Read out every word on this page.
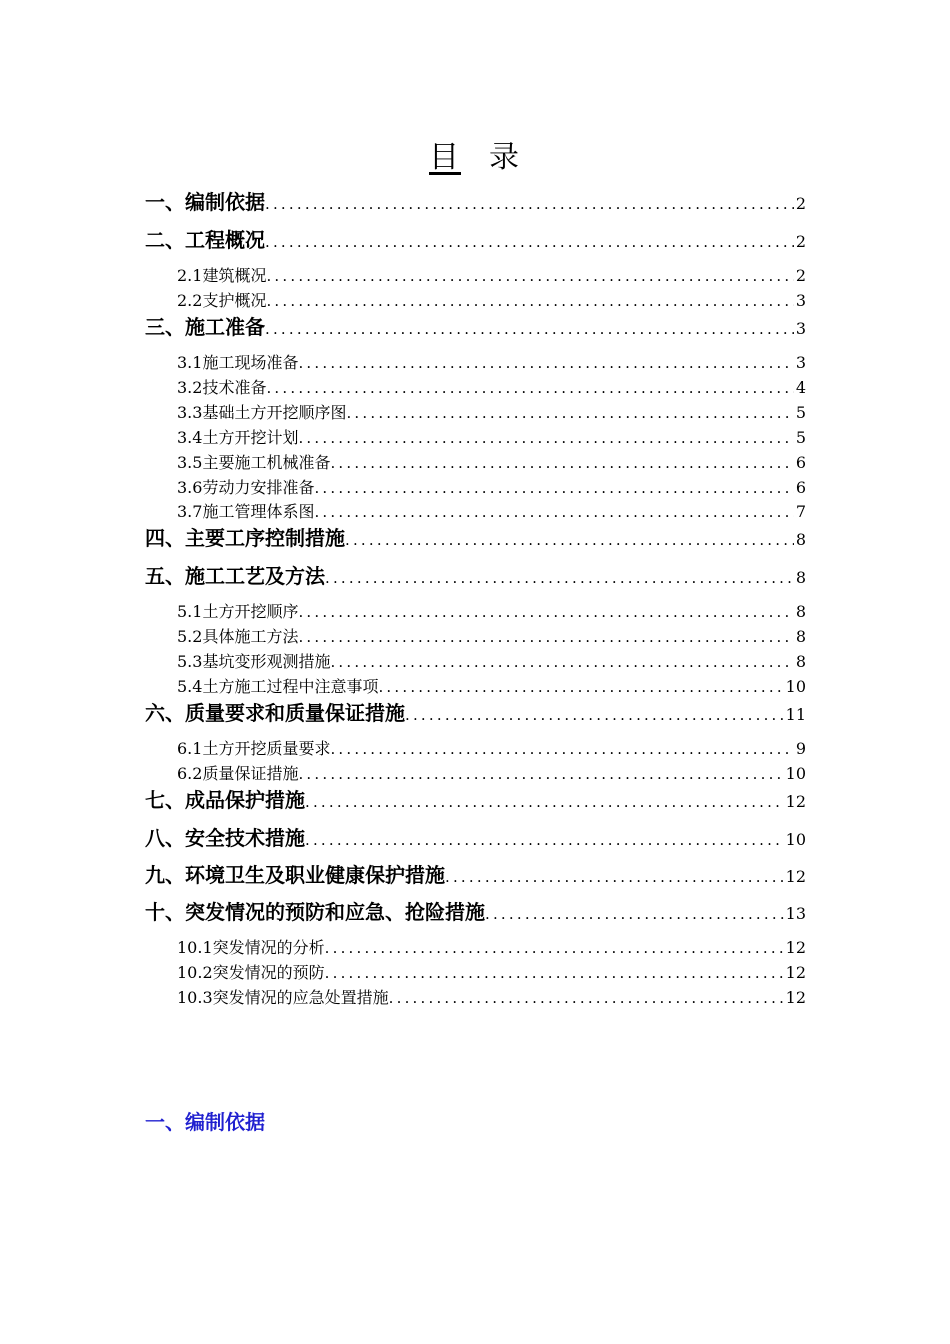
目 录
一、编制依据 .....	2
二、工程概况 .....	2
2.1建筑概况 .....	2
2.2支护概况 .....	3
三、施工准备 .....	3
3.1施工现场准备 .....	3
3.2技术准备 .....	4
3.3基础土方开挖顺序图 .....	5
3.4土方开挖计划 .....	5
3.5主要施工机械准备 .....	6
3.6劳动力安排准备 .....	6
3.7施工管理体系图 .....	7
四、主要工序控制措施 .....	8
五、施工工艺及方法 .....	8
5.1土方开挖顺序 .....	8
5.2具体施工方法 .....	8
5.3基坑变形观测措施 .....	8
5.4土方施工过程中注意事项 .....	10
六、质量要求和质量保证措施 .....	11
6.1土方开挖质量要求 .....	9
6.2质量保证措施 .....	10
七、成品保护措施 .....	12
八、安全技术措施 .....	10
九、环境卫生及职业健康保护措施 .....	12
十、突发情况的预防和应急、抢险措施 .....	13
10.1突发情况的分析 .....	12
10.2突发情况的预防 .....	12
10.3突发情况的应急处置措施 .....	12
一、编制依据
